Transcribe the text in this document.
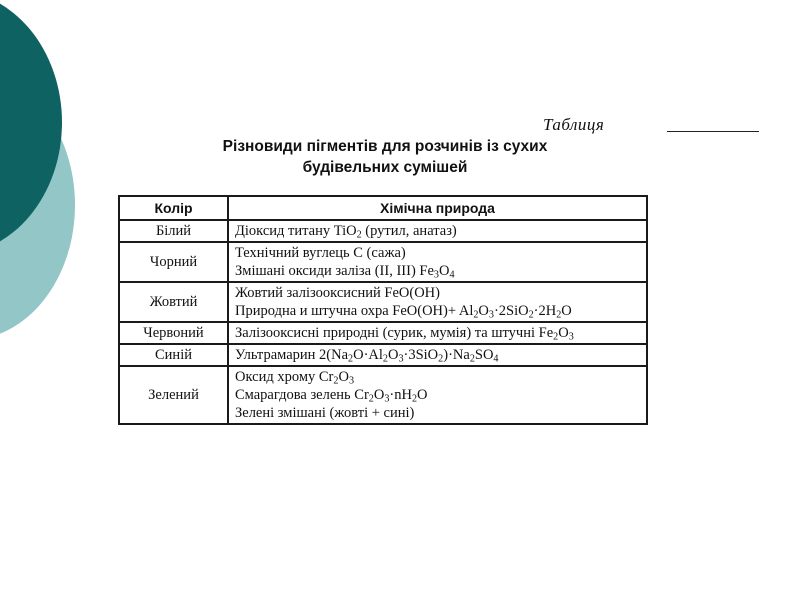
Таблиця
Різновиди пігментів для розчинів із сухих
будівельних сумішей
Колір	Хімічна природа
Білий	Діоксид титану TiO$_2$ (рутил, анатаз)

Чорний	Технічний вуглець С (сажа)
Змішані оксиди заліза (II, III) $Fe_3O_4$

Жовтий	Жовтий залізооксисний FeO(OH)
Природна и штучна охра $FeO(OH)+ Al_2O_3\cdot 2SiO_2\cdot 2H_2O$

Червоний	Залізооксисні природні (сурик, мумія) та штучні $Fe_2O_3$

Синій	Ультрамарин $2(Na_2O\cdot Al_2O_3\cdot 3SiO_2)\cdot Na_2SO_4$

Зелений	Оксид хрому $Cr_2O_3$
Смарагдова зелень $Cr_2O_3\cdot nH_2O$
Зелені змішані (жовті + сині)
